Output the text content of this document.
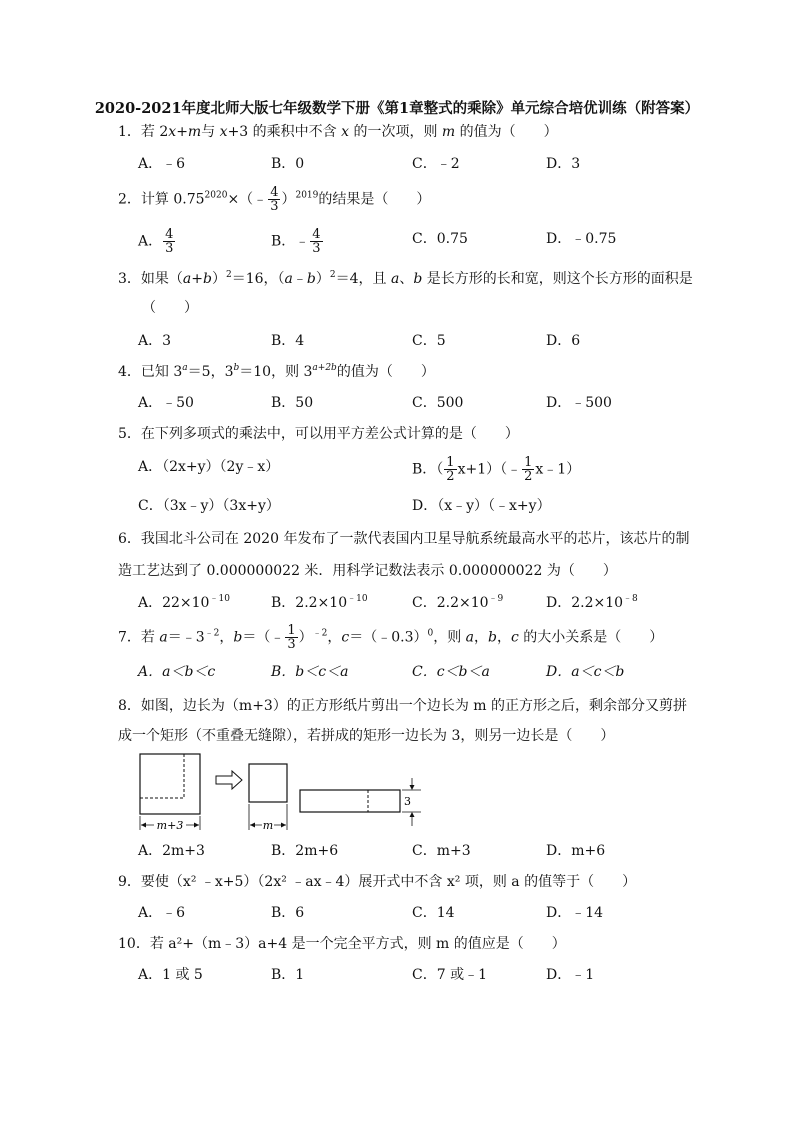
2020-2021年度北师大版七年级数学下册《第1章整式的乘除》单元综合培优训练（附答案）
1．若 2x+m与 x+3 的乘积中不含 x 的一次项，则 m 的值为（　　）
A．﹣6	B．0	C．﹣2	D．3
2．计算 $0.75^{2020}\times(﹣ \frac{4}{3} )^{2019}$的结果是（　　）
A． $\frac{4}{3}$	B．﹣ $\frac{4}{3}$	C．0.75	D．﹣0.75
3．如果$(a+b)^2=16$，（a﹣b）$^2$＝4，且 a、b 是长方形的长和宽，则这个长方形的面积是
（　　）
A．3	B．4	C．5	D．6
4．已知 $3^a=5$，$3^b=10$，则 $3^{a+2b}$的值为（　　）
A．﹣50	B．50	C．500	D．﹣500
5．在下列多项式的乘法中，可以用平方差公式计算的是（　　）
A．（2x+y）（2y﹣x）	B．（ $\frac{1}{2}$ x+1）（﹣ $\frac{1}{2}$ x﹣1）
C．（3x﹣y）（3x+y）	D．（x﹣y）（﹣x+y）
6．我国北斗公司在 2020 年发布了一款代表国内卫星导航系统最高水平的芯片，该芯片的制
造工艺达到了 0.000000022 米．用科学记数法表示 0.000000022 为（　　）
A．$22\times 10^{﹣10}$	B．$2.2\times 10^{﹣10}$	C．$2.2\times 10^{﹣9}$	D．$2.2\times 10^{﹣8}$
7．若 $a=﹣3^{﹣2}$，b＝（﹣ $\frac{1}{3} )^{﹣2}$，c＝（﹣0.3）$^0$，则 a，b，c 的大小关系是（　　）
A．a＜b＜c	B．b＜c＜a	C．c＜b＜a	D．a＜c＜b
8．如图，边长为（m+3）的正方形纸片剪出一个边长为 m 的正方形之后，剩余部分又剪拼
成一个矩形（不重叠无缝隙），若拼成的矩形一边长为 3，则另一边长是（　　）
m+3	m
3
A．2m+3	B．2m+6	C．m+3	D．m+6
9．要使（x² ﹣x+5）（2x² ﹣ax﹣4）展开式中不含 x² 项，则 a 的值等于（　　）
A．﹣6	B．6	C．14	D．﹣14
10．若 a²+（m﹣3）a+4 是一个完全平方式，则 m 的值应是（　　）
A．1 或 5	B．1	C．7 或﹣1	D．﹣1
